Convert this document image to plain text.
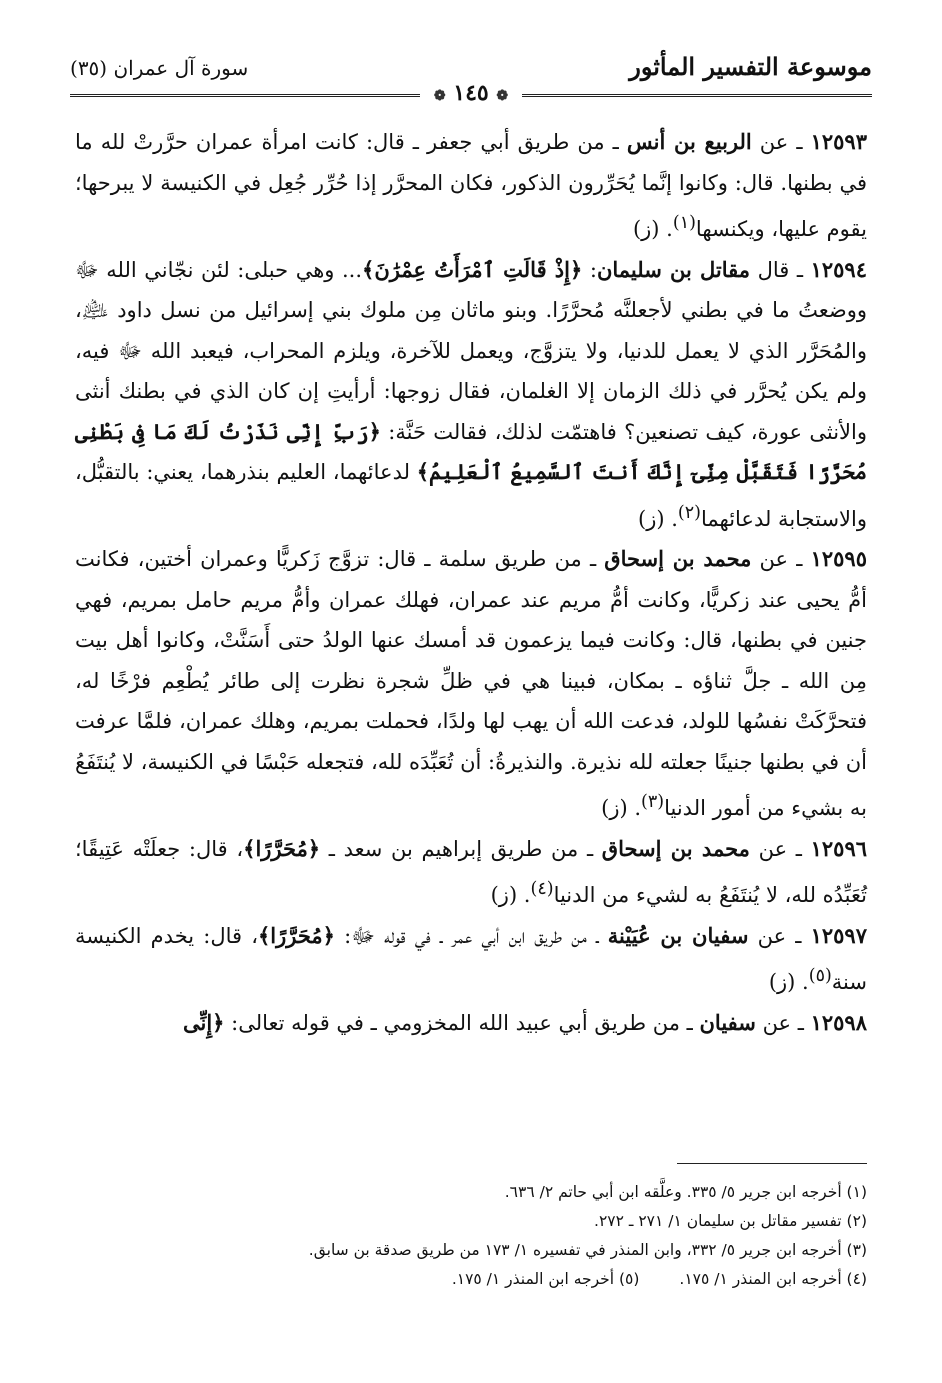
موسوعة التفسير المأثور
سورة آل عمران (٣٥)
❁ ١٤٥ ❁

١٢٥٩٣ ـ عن الربيع بن أنس ـ من طريق أبي جعفر ـ قال: كانت امرأة عمران حرَّرتْ لله ما في بطنها. قال: وكانوا إنَّما يُحَرِّرون الذكور، فكان المحرَّر إذا حُرِّر جُعِل في الكنيسة لا يبرحها؛ يقوم عليها، ويكنسها$^{(١)}$. (ز)

١٢٥٩٤ ـ قال مقاتل بن سليمان: ﴿إِذْ قَالَتِ ٱمْرَأَتُ عِمْرَٰنَ﴾... وهي حبلى: لئن نجّاني الله ﷻ ووضعتُ ما في بطني لأجعلنَّه مُحرَّرًا. وبنو ماثان مِن ملوك بني إسرائيل من نسل داود ﵇، والمُحَرَّر الذي لا يعمل للدنيا، ولا يتزوَّج، ويعمل للآخرة، ويلزم المحراب، فيعبد الله ﷻ فيه، ولم يكن يُحرَّر في ذلك الزمان إلا الغلمان، فقال زوجها: أرأيتِ إن كان الذي في بطنك أنثى والأنثى عورة، كيف تصنعين؟ فاهتمّت لذلك، فقالت حَنَّة: ﴿رَبِّ إِنِّى نَذَرْتُ لَكَ مَا فِى بَطْنِى مُحَرَّرًا فَتَقَبَّلْ مِنِّىٓ إِنَّكَ أَنتَ ٱلسَّمِيعُ ٱلْعَلِيمُ﴾ لدعائهما، العليم بنذرهما، يعني: بالتقبُّل، والاستجابة لدعائهما$^{(٢)}$. (ز)

١٢٥٩٥ ـ عن محمد بن إسحاق ـ من طريق سلمة ـ قال: تزوَّج زَكريًّا وعمران أختين، فكانت أمُّ يحيى عند زكريًّا، وكانت أمُّ مريم عند عمران، فهلك عمران وأمُّ مريم حامل بمريم، فهي جنين في بطنها، قال: وكانت فيما يزعمون قد أمسك عنها الولدُ حتى أَسَنَّتْ، وكانوا أهل بيت مِن الله ـ جلَّ ثناؤه ـ بمكان، فبينا هي في ظلِّ شجرة نظرت إلى طائر يُطْعِم فرْخًا له، فتحرَّكَتْ نفسُها للولد، فدعت الله أن يهب لها ولدًا، فحملت بمريم، وهلك عمران، فلمَّا عرفت أن في بطنها جنينًا جعلته لله نذيرة. والنذيرةُ: أن تُعَبِّدَه لله، فتجعله حَبْسًا في الكنيسة، لا يُنتَفَعُ به بشيء من أمور الدنيا$^{(٣)}$. (ز)

١٢٥٩٦ ـ عن محمد بن إسحاق ـ من طريق إبراهيم بن سعد ـ ﴿مُحَرَّرًا﴾، قال: جعلَتْه عَتِيقًا؛ تُعَبِّدُه لله، لا يُنتَفَعُ به لشيء من الدنيا$^{(٤)}$. (ز)

١٢٥٩٧ ـ عن سفيان بن عُيَيْنة ـ من طريق ابن أبي عمر ـ في قوله ﷻ: ﴿مُحَرَّرًا﴾، قال: يخدم الكنيسة سنة$^{(٥)}$. (ز)

١٢٥٩٨ ـ عن سفيان ـ من طريق أبي عبيد الله المخزومي ـ في قوله تعالى: ﴿إِنِّى

(١) أخرجه ابن جرير ٥/ ٣٣٥. وعلَّقه ابن أبي حاتم ٢/ ٦٣٦.

(٢) تفسير مقاتل بن سليمان ١/ ٢٧١ ـ ٢٧٢.

(٣) أخرجه ابن جرير ٥/ ٣٣٢، وابن المنذر في تفسيره ١/ ١٧٣ من طريق صدقة بن سابق.

(٤) أخرجه ابن المنذر ١/ ١٧٥.
(٥) أخرجه ابن المنذر ١/ ١٧٥.
